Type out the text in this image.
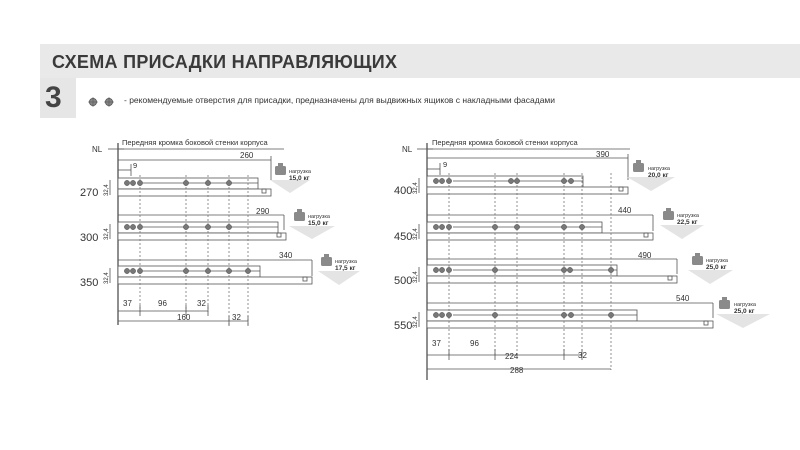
СХЕМА ПРИСАДКИ НАПРАВЛЯЮЩИХ
3	- рекомендуемые отверстия для присадки, предназначены для выдвижных ящиков с накладными фасадами
NL
Передняя кромка боковой стенки корпуса
9
270
300
350
260
290
340
нагрузка
15,0 кг
нагрузка
15,0 кг
нагрузка
17,5 кг
32,4
32,4
32,4
37	96	32
160	32
NL
Передняя кромка боковой стенки корпуса
9
400
450
500
550
390
440
490
540
нагрузка
20,0 кг
нагрузка
22,5 кг
нагрузка
25,0 кг
нагрузка
25,0 кг
32,4
32,4
32,4
32,4
37	96
32
224
288
